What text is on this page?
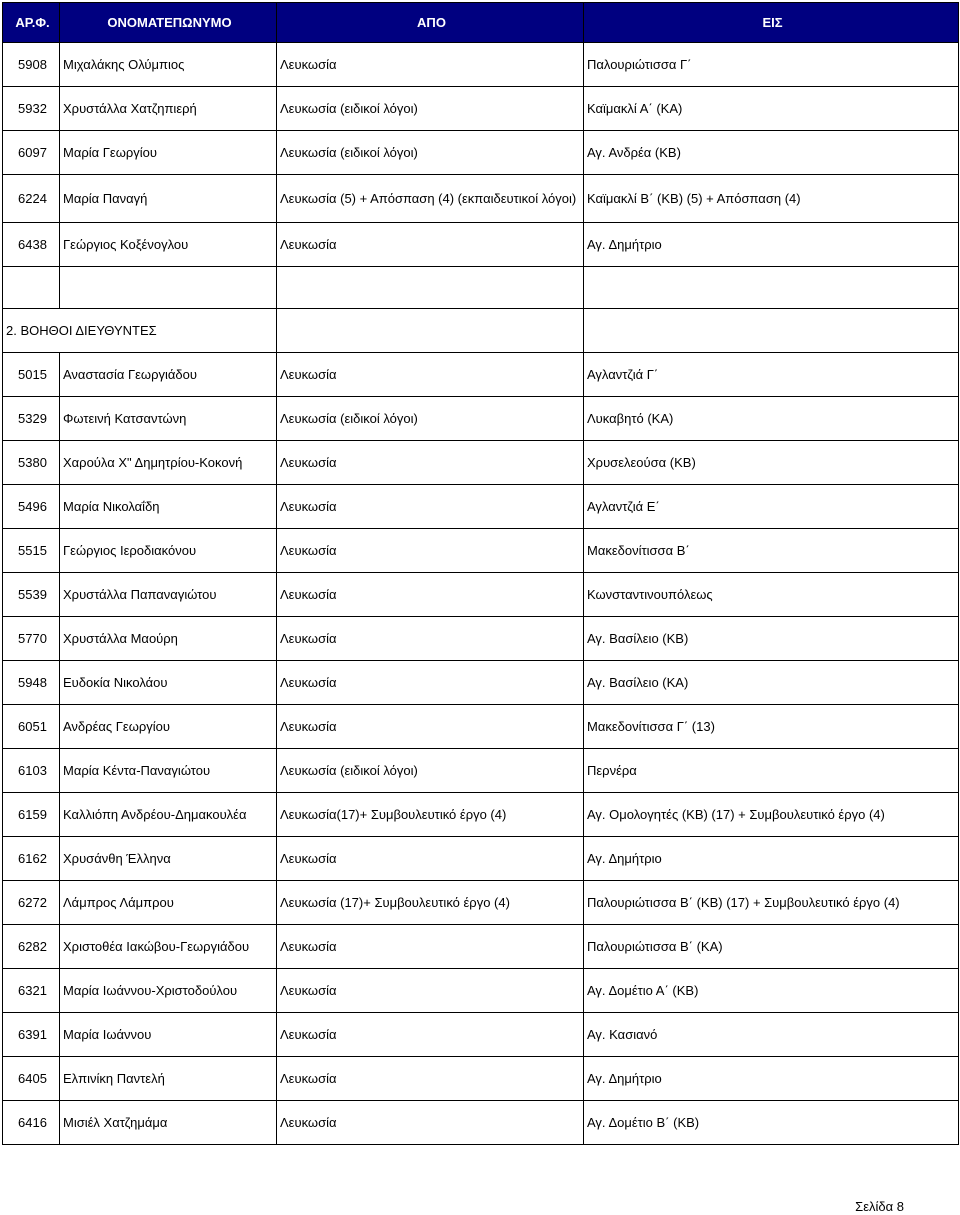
ΑΡ.Φ.	ΟΝΟΜΑΤΕΠΩΝΥΜΟ	ΑΠΟ	ΕΙΣ
5908	Μιχαλάκης Ολύμπιος	Λευκωσία	Παλουριώτισσα Γ΄
5932	Χρυστάλλα Χατζηπιερή	Λευκωσία (ειδικοί λόγοι)	Καϊμακλί Α΄ (ΚΑ)
6097	Μαρία Γεωργίου	Λευκωσία (ειδικοί λόγοι)	Αγ. Ανδρέα (ΚΒ)
6224	Μαρία Παναγή	Λευκωσία (5) + Απόσπαση (4) (εκπαιδευτικοί λόγοι)	Καϊμακλί Β΄ (ΚΒ) (5) + Απόσπαση (4)
6438	Γεώργιος Κοξένογλου	Λευκωσία	Αγ. Δημήτριο

2. ΒΟΗΘΟΙ ΔΙΕΥΘΥΝΤΕΣ			
5015	Αναστασία Γεωργιάδου	Λευκωσία	Αγλαντζιά Γ΄
5329	Φωτεινή Κατσαντώνη	Λευκωσία (ειδικοί λόγοι)	Λυκαβητό (ΚΑ)
5380	Χαρούλα Χ" Δημητρίου-Κοκονή	Λευκωσία	Χρυσελεούσα (ΚΒ)
5496	Μαρία Νικολαΐδη	Λευκωσία	Αγλαντζιά Ε΄
5515	Γεώργιος Ιεροδιακόνου	Λευκωσία	Μακεδονίτισσα Β΄
5539	Χρυστάλλα Παπαναγιώτου	Λευκωσία	Κωνσταντινουπόλεως
5770	Χρυστάλλα Μαούρη	Λευκωσία	Αγ. Βασίλειο (ΚΒ)
5948	Ευδοκία Νικολάου	Λευκωσία	Αγ. Βασίλειο (ΚΑ)
6051	Ανδρέας Γεωργίου	Λευκωσία	Μακεδονίτισσα Γ΄ (13)
6103	Μαρία Κέντα-Παναγιώτου	Λευκωσία (ειδικοί λόγοι)	Περνέρα
6159	Καλλιόπη Ανδρέου-Δημακουλέα	Λευκωσία(17)+ Συμβουλευτικό έργο (4)	Αγ. Ομολογητές (ΚΒ) (17) + Συμβουλευτικό έργο (4)
6162	Χρυσάνθη Έλληνα	Λευκωσία	Αγ. Δημήτριο
6272	Λάμπρος Λάμπρου	Λευκωσία (17)+ Συμβουλευτικό έργο (4)	Παλουριώτισσα Β΄ (ΚΒ) (17) + Συμβουλευτικό έργο (4)
6282	Χριστοθέα Ιακώβου-Γεωργιάδου	Λευκωσία	Παλουριώτισσα Β΄ (ΚΑ)
6321	Μαρία Ιωάννου-Χριστοδούλου	Λευκωσία	Αγ. Δομέτιο Α΄ (ΚΒ)
6391	Μαρία Ιωάννου	Λευκωσία	Αγ. Κασιανό
6405	Ελπινίκη Παντελή	Λευκωσία	Αγ. Δημήτριο
6416	Μισιέλ Χατζημάμα	Λευκωσία	Αγ. Δομέτιο Β΄ (ΚΒ)
Σελίδα 8
